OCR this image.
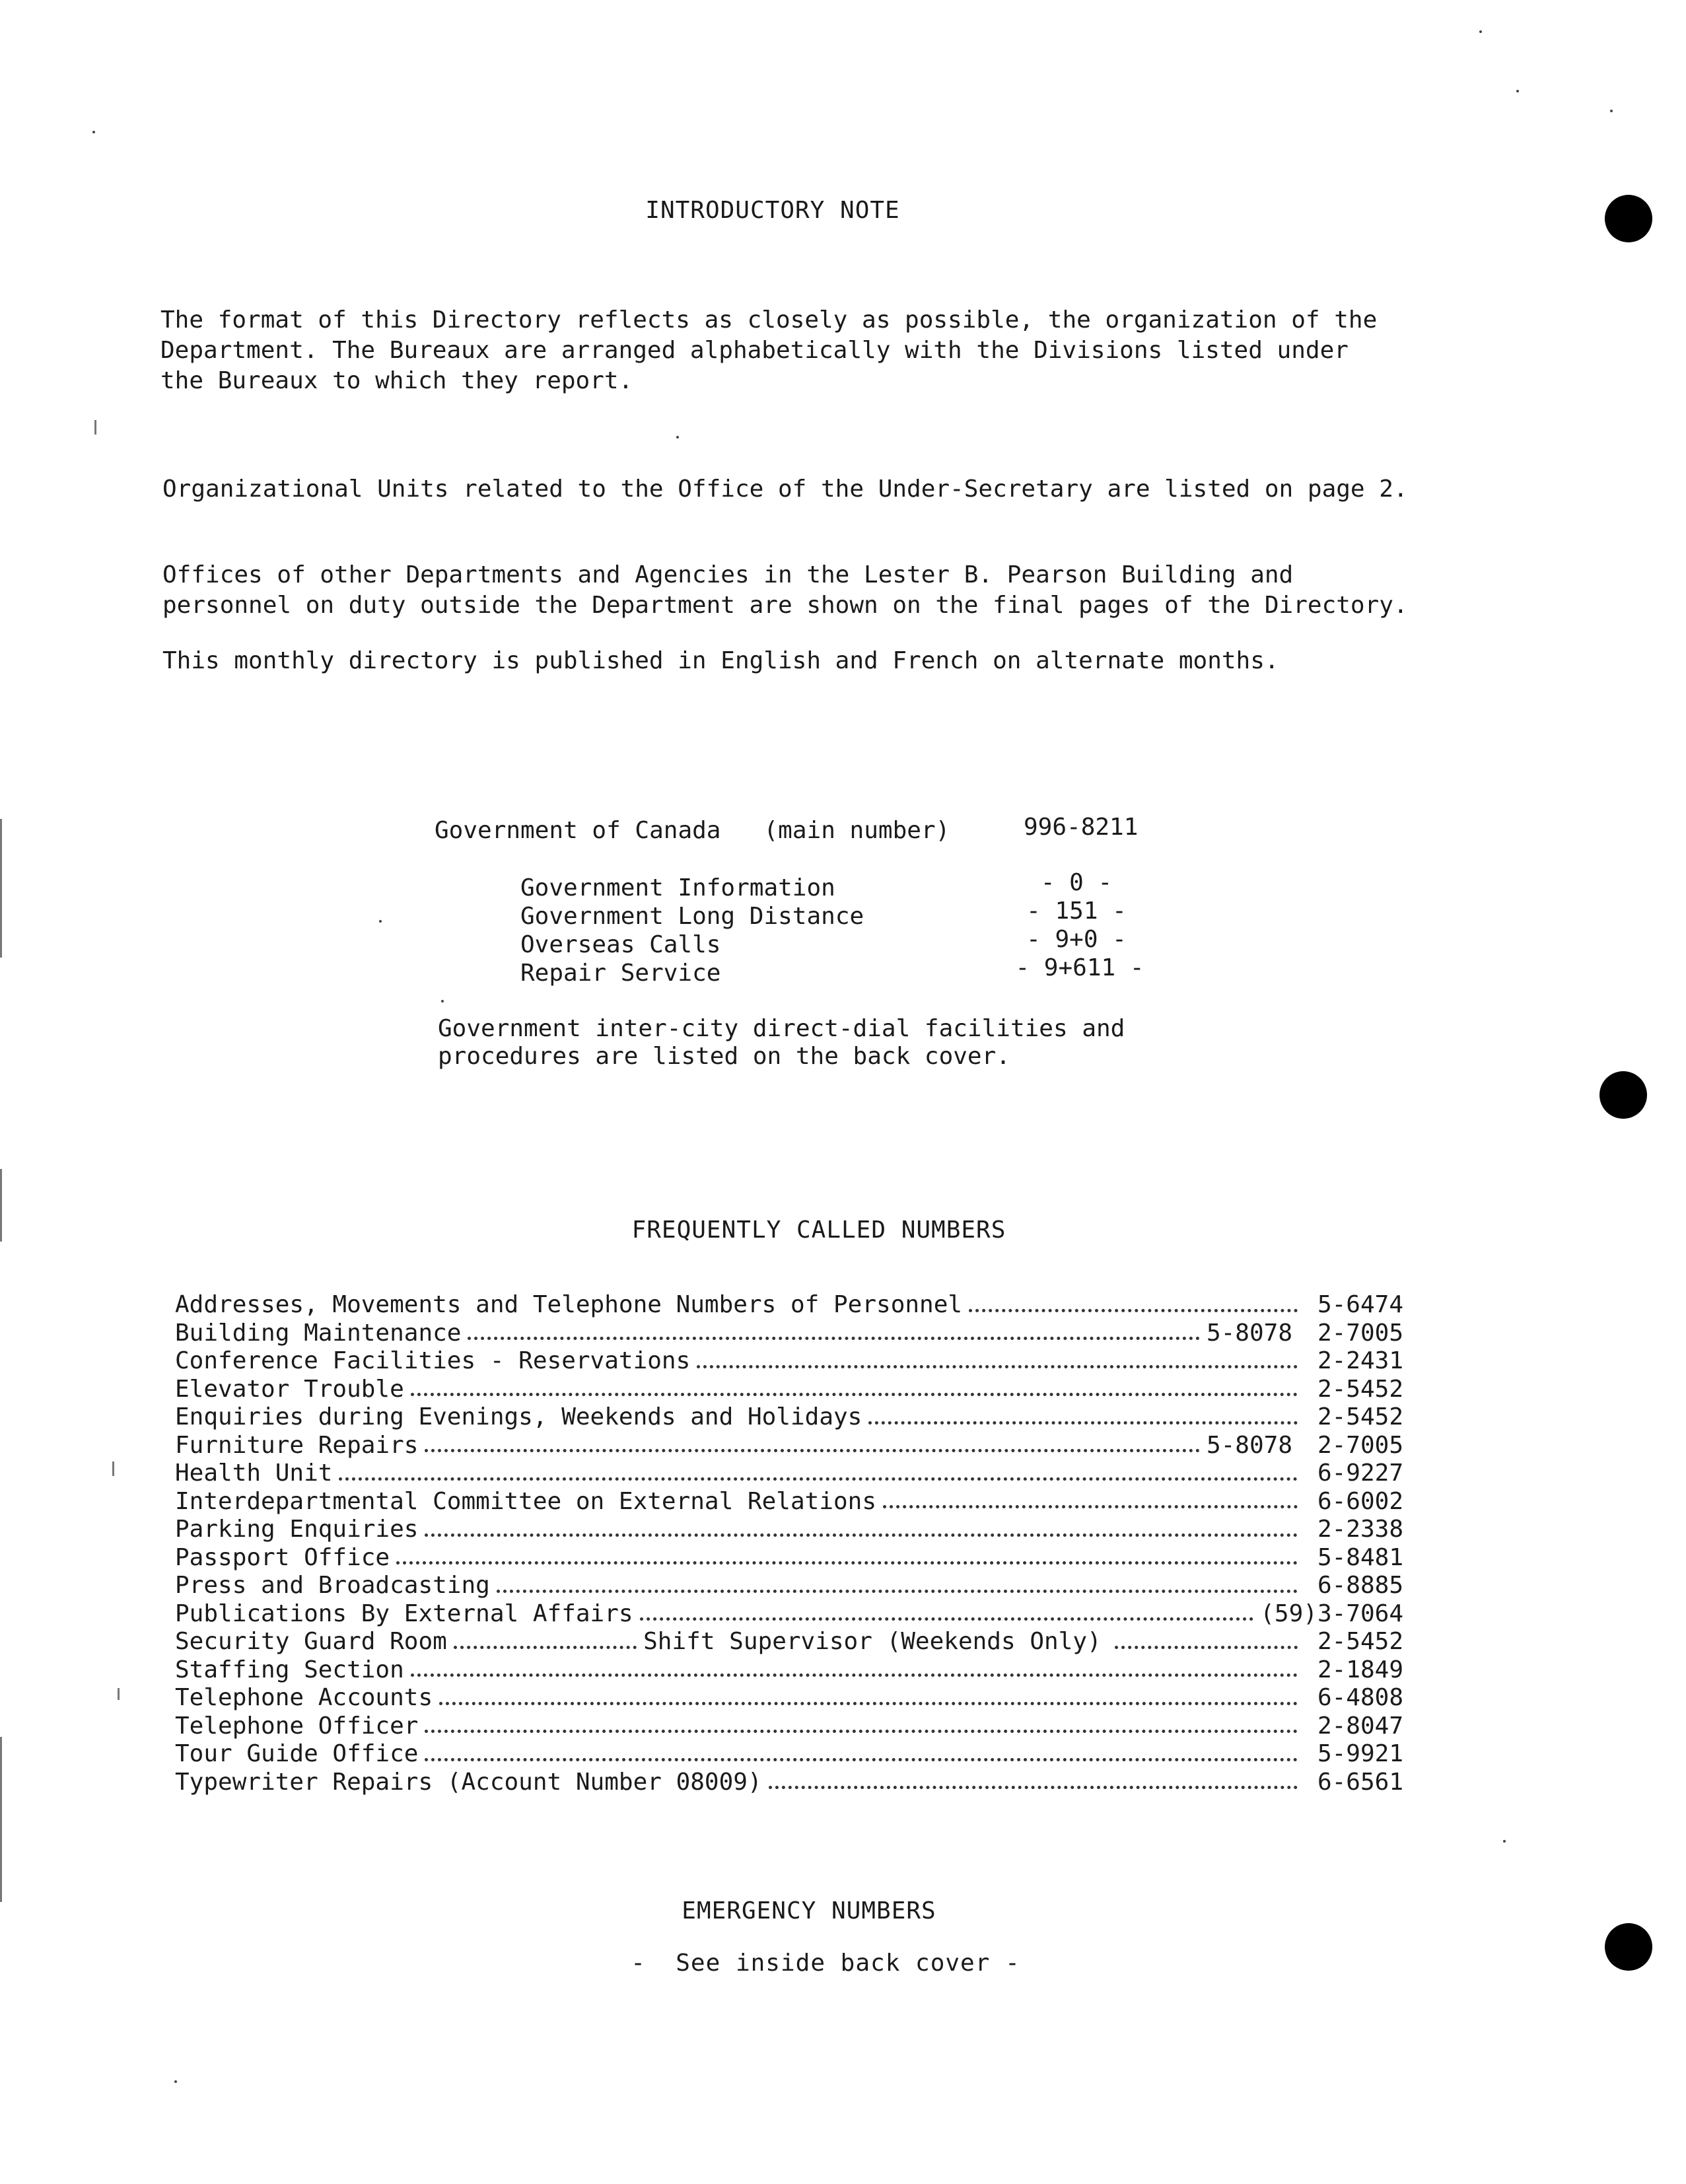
INTRODUCTORY NOTE
The format of this Directory reflects as closely as possible, the organization of the
Department. The Bureaux are arranged alphabetically with the Divisions listed under
the Bureaux to which they report.
Organizational Units related to the Office of the Under-Secretary are listed on page 2.
Offices of other Departments and Agencies in the Lester B. Pearson Building and
personnel on duty outside the Department are shown on the final pages of the Directory.
This monthly directory is published in English and French on alternate months.
Government of Canada   (main number)	996-8211
Government Information	- 0 -
Government Long Distance	- 151 -
Overseas Calls	- 9+0 -
Repair Service	- 9+611 -
Government inter-city direct-dial facilities and
procedures are listed on the back cover.
FREQUENTLY CALLED NUMBERS
Addresses, Movements and Telephone Numbers of Personnel	5-6474
Building Maintenance	5-8078	2-7005
Conference Facilities - Reservations	2-2431
Elevator Trouble	2-5452
Enquiries during Evenings, Weekends and Holidays	2-5452
Furniture Repairs	5-8078	2-7005
Health Unit	6-9227
Interdepartmental Committee on External Relations	6-6002
Parking Enquiries	2-2338
Passport Office	5-8481
Press and Broadcasting	6-8885
Publications By External Affairs	(59)3-7064
Security Guard Room	Shift Supervisor (Weekends Only)	2-5452
Staffing Section	2-1849
Telephone Accounts	6-4808
Telephone Officer	2-8047
Tour Guide Office	5-9921
Typewriter Repairs (Account Number 08009)	6-6561
EMERGENCY NUMBERS
-  See inside back cover -
